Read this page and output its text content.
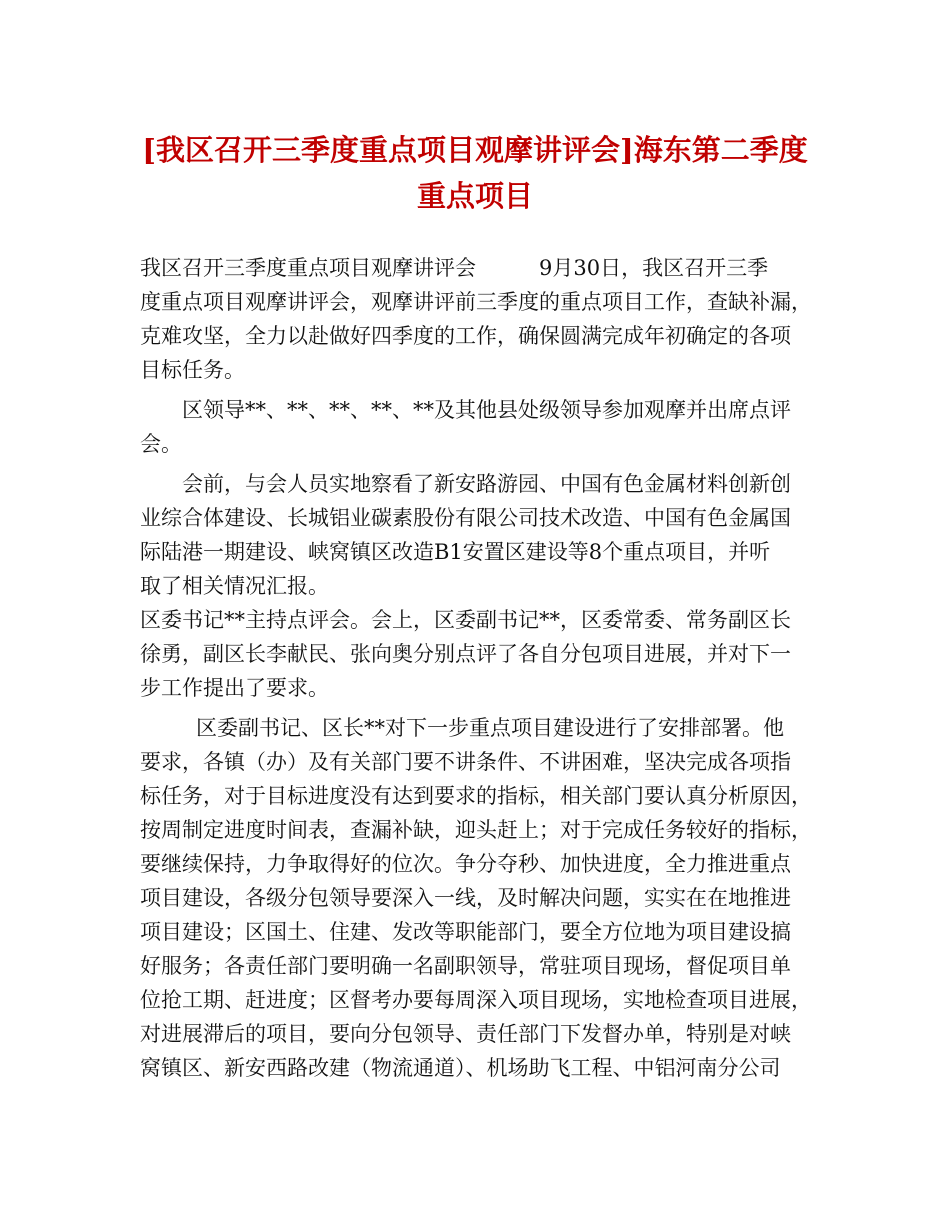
[我区召开三季度重点项目观摩讲评会]海东第二季度
重点项目

我区召开三季度重点项目观摩讲评会　　　9月30日，我区召开三季

度重点项目观摩讲评会，观摩讲评前三季度的重点项目工作，查缺补漏，

克难攻坚，全力以赴做好四季度的工作，确保圆满完成年初确定的各项

目标任务。

区领导**、**、**、**、**及其他县处级领导参加观摩并出席点评

会。

会前，与会人员实地察看了新安路游园、中国有色金属材料创新创

业综合体建设、长城铝业碳素股份有限公司技术改造、中国有色金属国

际陆港一期建设、峡窝镇区改造B1安置区建设等8个重点项目，并听

取了相关情况汇报。

区委书记**主持点评会。会上，区委副书记**，区委常委、常务副区长

徐勇，副区长李献民、张向奥分别点评了各自分包项目进展，并对下一

步工作提出了要求。

区委副书记、区长**对下一步重点项目建设进行了安排部署。他

要求，各镇（办）及有关部门要不讲条件、不讲困难，坚决完成各项指

标任务，对于目标进度没有达到要求的指标，相关部门要认真分析原因，

按周制定进度时间表，查漏补缺，迎头赶上；对于完成任务较好的指标，

要继续保持，力争取得好的位次。争分夺秒、加快进度，全力推进重点

项目建设，各级分包领导要深入一线，及时解决问题，实实在在地推进

项目建设；区国土、住建、发改等职能部门，要全方位地为项目建设搞

好服务；各责任部门要明确一名副职领导，常驻项目现场，督促项目单

位抢工期、赶进度；区督考办要每周深入项目现场，实地检查项目进展，

对进展滞后的项目，要向分包领导、责任部门下发督办单，特别是对峡

窝镇区、新安西路改建（物流通道）、机场助飞工程、中铝河南分公司
